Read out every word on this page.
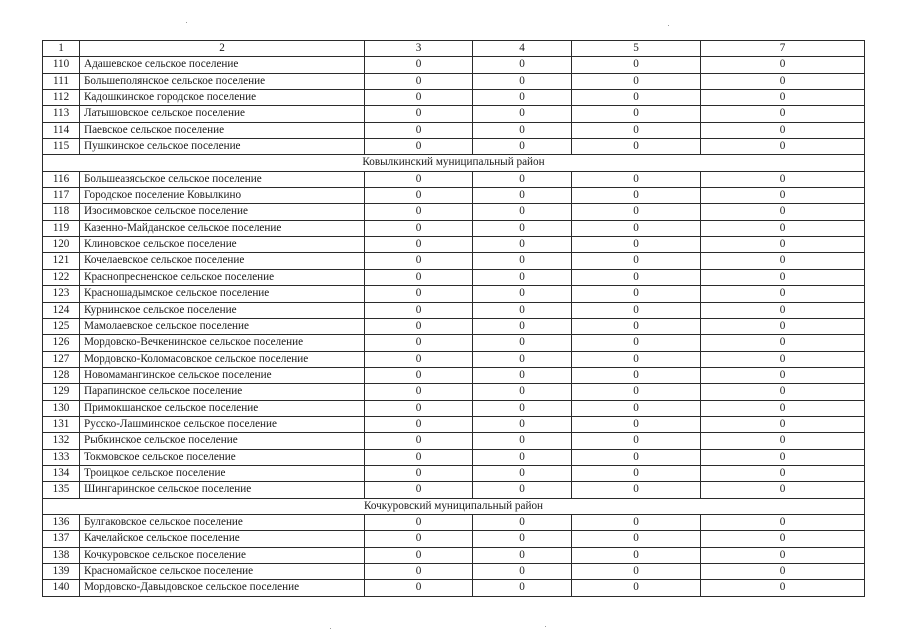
1	2	3	4	5	7
110	Адашевское сельское поселение	0	0	0	0
111	Большеполянское сельское поселение	0	0	0	0
112	Кадошкинское городское поселение	0	0	0	0
113	Латышовское сельское поселение	0	0	0	0
114	Паевское сельское поселение	0	0	0	0
115	Пушкинское сельское поселение	0	0	0	0
Ковылкинский муниципальный район					
116	Большеазясьское сельское поселение	0	0	0	0
117	Городское поселение Ковылкино	0	0	0	0
118	Изосимовское сельское поселение	0	0	0	0
119	Казенно-Майданское сельское поселение	0	0	0	0
120	Клиновское сельское поселение	0	0	0	0
121	Кочелаевское сельское поселение	0	0	0	0
122	Краснопресненское сельское поселение	0	0	0	0
123	Красношадымское сельское поселение	0	0	0	0
124	Курнинское сельское поселение	0	0	0	0
125	Мамолаевское сельское поселение	0	0	0	0
126	Мордовско-Вечкенинское сельское поселение	0	0	0	0
127	Мордовско-Коломасовское сельское поселение	0	0	0	0
128	Новомамангинское сельское поселение	0	0	0	0
129	Парапинское сельское поселение	0	0	0	0
130	Примокшанское сельское поселение	0	0	0	0
131	Русско-Лашминское сельское поселение	0	0	0	0
132	Рыбкинское сельское поселение	0	0	0	0
133	Токмовское сельское поселение	0	0	0	0
134	Троицкое сельское поселение	0	0	0	0
135	Шингаринское сельское поселение	0	0	0	0
Кочкуровский муниципальный район					
136	Булгаковское сельское поселение	0	0	0	0
137	Качелайское сельское поселение	0	0	0	0
138	Кочкуровское сельское поселение	0	0	0	0
139	Красномайское сельское поселение	0	0	0	0
140	Мордовско-Давыдовское сельское поселение	0	0	0	0
